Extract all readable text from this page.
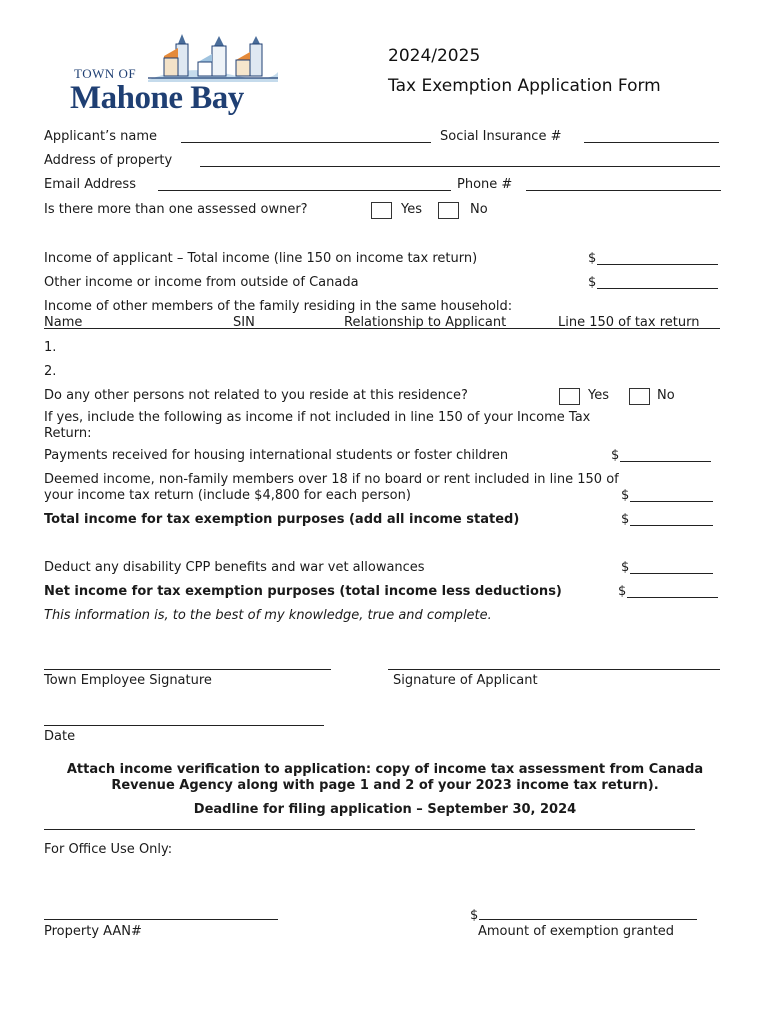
TOWN OF
Mahone Bay
2024/2025
Tax Exemption Application Form
Applicant’s name	Social Insurance #
Address of property
Email Address	Phone #
Is there more than one assessed owner?	Yes	No
Income of applicant – Total income (line 150 on income tax return)	$
Other income or income from outside of Canada	$
Income of other members of the family residing in the same household:
Name	SIN	Relationship to Applicant	Line 150 of tax return
1.
2.
Do any other persons not related to you reside at this residence?	Yes	No
If yes, include the following as income if not included in line 150 of your Income Tax
Return:
Payments received for housing international students or foster children	$
Deemed income, non-family members over 18 if no board or rent included in line 150 of
your income tax return (include $4,800 for each person)	$
Total income for tax exemption purposes (add all income stated)	$
Deduct any disability CPP benefits and war vet allowances	$
Net income for tax exemption purposes (total income less deductions)	$
This information is, to the best of my knowledge, true and complete.
Town Employee Signature	Signature of Applicant
Date
Attach income verification to application: copy of income tax assessment from Canada
Revenue Agency along with page 1 and 2 of your 2023 income tax return).
Deadline for filing application – September 30, 2024
For Office Use Only:
Property AAN#
$
Amount of exemption granted
